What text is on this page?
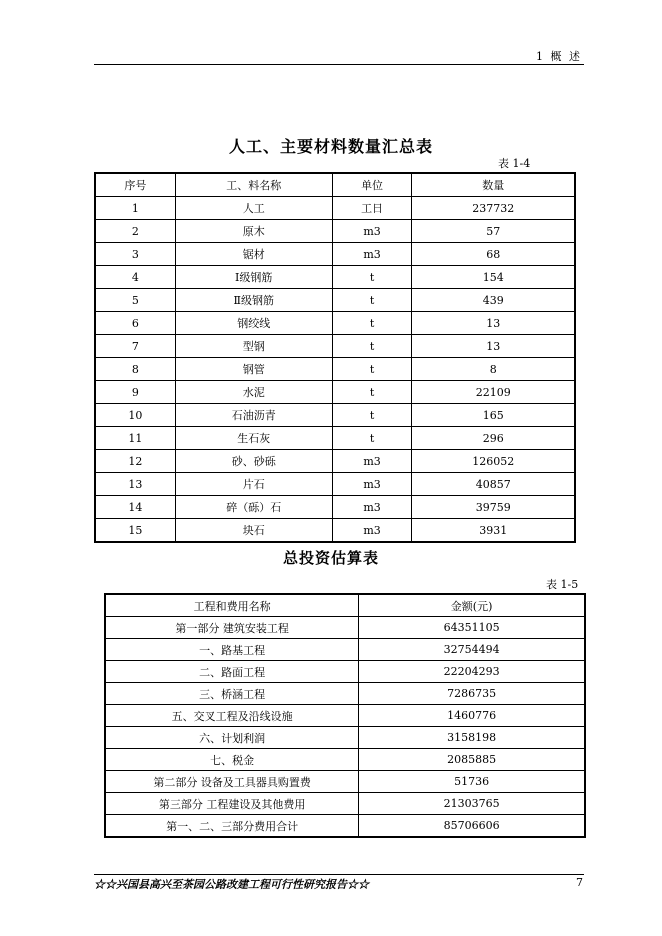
1 概 述
人工、主要材料数量汇总表
表 1-4
序号	工、料名称	单位	数量
1	人工	工日	237732
2	原木	m3	57
3	锯材	m3	68
4	Ⅰ级钢筋	t	154
5	Ⅱ级钢筋	t	439
6	钢绞线	t	13
7	型钢	t	13
8	钢管	t	8
9	水泥	t	22109
10	石油沥青	t	165
11	生石灰	t	296
12	砂、砂砾	m3	126052
13	片石	m3	40857
14	碎（砾）石	m3	39759
15	块石	m3	3931
总投资估算表
表 1-5
工程和费用名称	金额(元)
第一部分 建筑安装工程	64351105
一、路基工程	32754494
二、路面工程	22204293
三、桥涵工程	7286735
五、交叉工程及沿线设施	1460776
六、计划利润	3158198
七、税金	2085885
第二部分 设备及工具器具购置费	51736
第三部分 工程建设及其他费用	21303765
第一、二、三部分费用合计	85706606
☆☆兴国县高兴至茶园公路改建工程可行性研究报告☆☆	7
